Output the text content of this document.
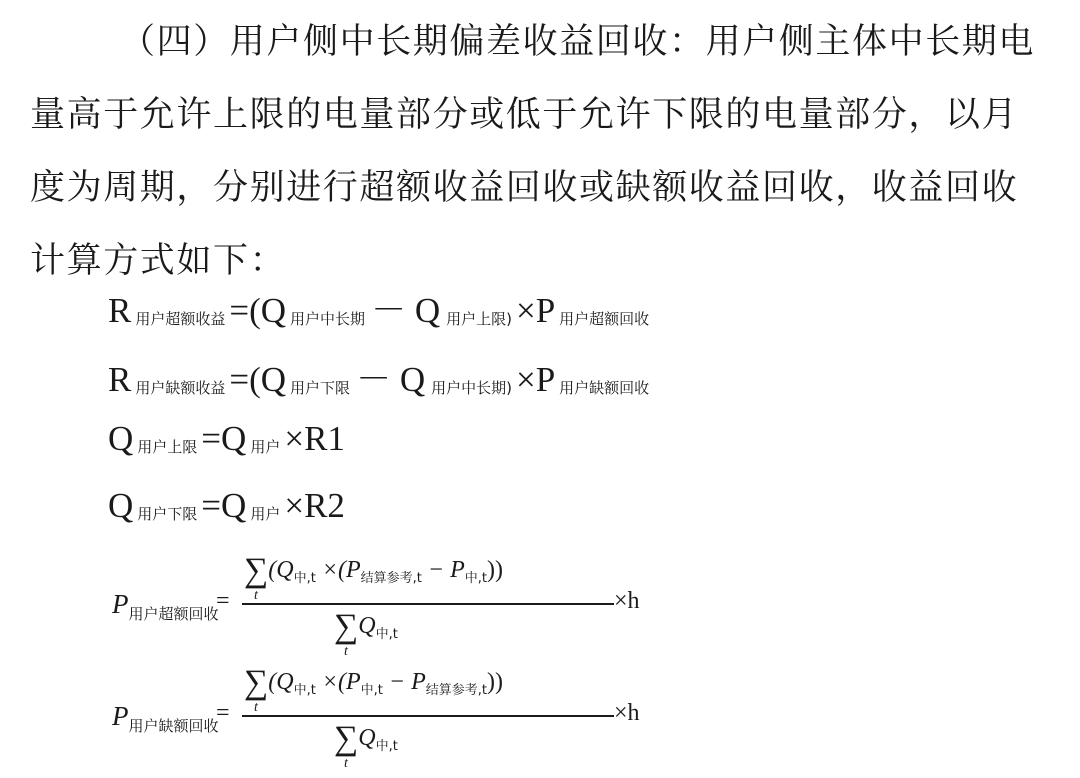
（四）用户侧中长期偏差收益回收：用户侧主体中长期电
量高于允许上限的电量部分或低于允许下限的电量部分，以月
度为周期，分别进行超额收益回收或缺额收益回收，收益回收
计算方式如下：
R用户超额收益 =(Q 用户中长期 － Q 用户上限) ×P 用户超额回收
R用户缺额收益 =(Q 用户下限 － Q 用户中长期) ×P 用户缺额回收
Q用户上限 =Q 用户 ×R1
Q用户下限 =Q 用户 ×R2
$P_{用户超额回收}$
=
$\sum(Q_{中,t} \times(P_{结算参考,t} - P_{中,t}))$
t
$\sum Q_{中,t}$
t
×h
$P_{用户缺额回收}$
=
$\sum(Q_{中,t} \times(P_{中,t} - P_{结算参考,t}))$
t
$\sum Q_{中,t}$
t
×h
